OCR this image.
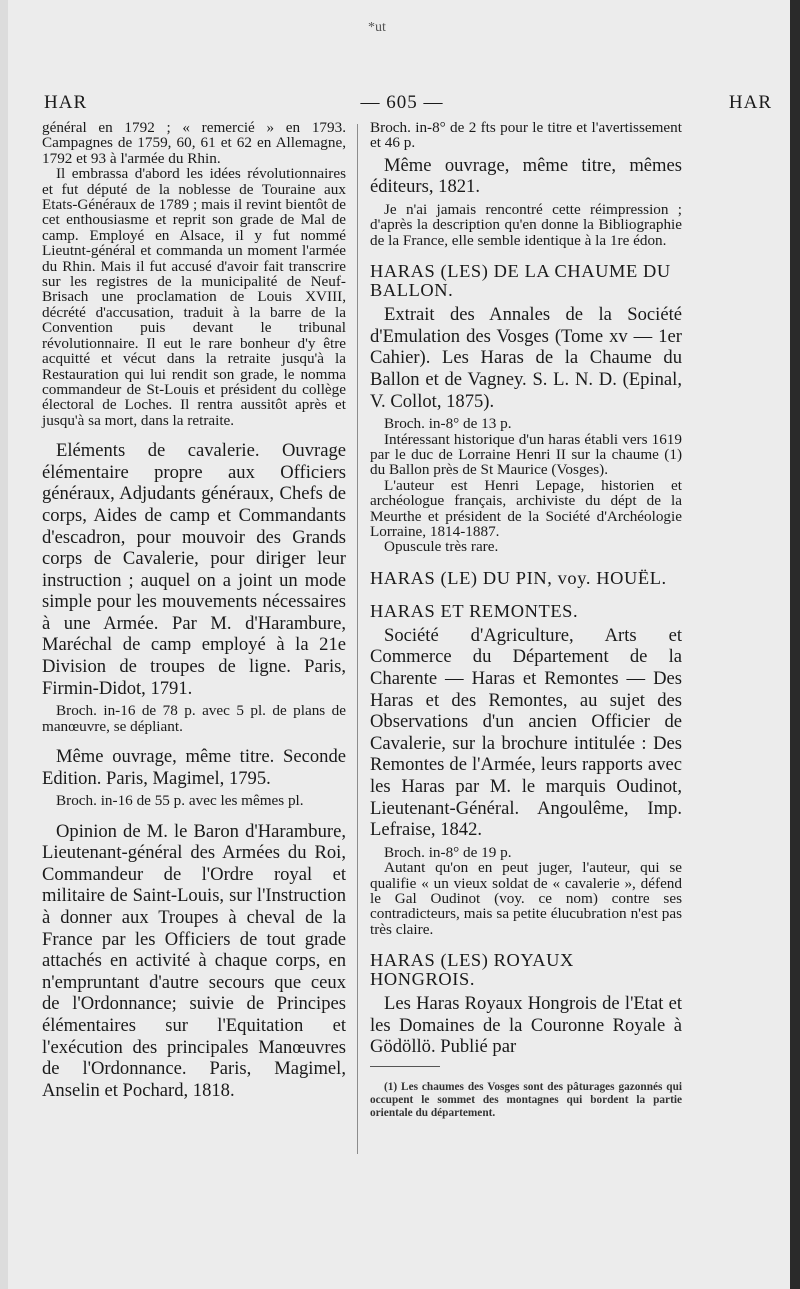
*ut
HAR	— 605 —	HAR

général en 1792 ; « remercié » en 1793. Campagnes de 1759, 60, 61 et 62 en Allemagne, 1792 et 93 à l'armée du Rhin.

Il embrassa d'abord les idées révolutionnaires et fut député de la noblesse de Touraine aux Etats-Généraux de 1789 ; mais il revint bientôt de cet enthousiasme et reprit son grade de Mal de camp. Employé en Alsace, il y fut nommé Lieutnt-général et commanda un moment l'armée du Rhin. Mais il fut accusé d'avoir fait transcrire sur les registres de la municipalité de Neuf-Brisach une proclamation de Louis XVIII, décrété d'accusation, traduit à la barre de la Convention puis devant le tribunal révolutionnaire. Il eut le rare bonheur d'y être acquitté et vécut dans la retraite jusqu'à la Restauration qui lui rendit son grade, le nomma commandeur de St-Louis et président du collège électoral de Loches. Il rentra aussitôt après et jusqu'à sa mort, dans la retraite.

Eléments de cavalerie. Ouvrage élémentaire propre aux Officiers généraux, Adjudants généraux, Chefs de corps, Aides de camp et Commandants d'escadron, pour mouvoir des Grands corps de Cavalerie, pour diriger leur instruction ; auquel on a joint un mode simple pour les mouvements nécessaires à une Armée. Par M. d'Harambure, Maréchal de camp employé à la 21e Division de troupes de ligne. Paris, Firmin-Didot, 1791.

Broch. in-16 de 78 p. avec 5 pl. de plans de manœuvre, se dépliant.

Même ouvrage, même titre. Seconde Edition. Paris, Magimel, 1795.

Broch. in-16 de 55 p. avec les mêmes pl.

Opinion de M. le Baron d'Harambure, Lieutenant-général des Armées du Roi, Commandeur de l'Ordre royal et militaire de Saint-Louis, sur l'Instruction à donner aux Troupes à cheval de la France par les Officiers de tout grade attachés en activité à chaque corps, en n'empruntant d'autre secours que ceux de l'Ordonnance; suivie de Principes élémentaires sur l'Equitation et l'exécution des principales Manœuvres de l'Ordonnance. Paris, Magimel, Anselin et Pochard, 1818.

Broch. in-8° de 2 fts pour le titre et l'avertissement et 46 p.

Même ouvrage, même titre, mêmes éditeurs, 1821.

Je n'ai jamais rencontré cette réimpression ; d'après la description qu'en donne la Bibliographie de la France, elle semble identique à la 1re édon.

HARAS (LES) DE LA CHAUME DU BALLON.

Extrait des Annales de la Société d'Emulation des Vosges (Tome xv — 1er Cahier). Les Haras de la Chaume du Ballon et de Vagney. S. L. N. D. (Epinal, V. Collot, 1875).

Broch. in-8° de 13 p.

Intéressant historique d'un haras établi vers 1619 par le duc de Lorraine Henri II sur la chaume (1) du Ballon près de St Maurice (Vosges).

L'auteur est Henri Lepage, historien et archéologue français, archiviste du dépt de la Meurthe et président de la Société d'Archéologie Lorraine, 1814-1887.

Opuscule très rare.

HARAS (LE) DU PIN, voy. HOUËL.

HARAS ET REMONTES.

Société d'Agriculture, Arts et Commerce du Département de la Charente — Haras et Remontes — Des Haras et des Remontes, au sujet des Observations d'un ancien Officier de Cavalerie, sur la brochure intitulée : Des Remontes de l'Armée, leurs rapports avec les Haras par M. le marquis Oudinot, Lieutenant-Général. Angoulême, Imp. Lefraise, 1842.

Broch. in-8° de 19 p.

Autant qu'on en peut juger, l'auteur, qui se qualifie « un vieux soldat de « cavalerie », défend le Gal Oudinot (voy. ce nom) contre ses contradicteurs, mais sa petite élucubration n'est pas très claire.

HARAS (LES) ROYAUX HONGROIS.

Les Haras Royaux Hongrois de l'Etat et les Domaines de la Couronne Royale à Gödöllö. Publié par

(1) Les chaumes des Vosges sont des pâturages gazonnés qui occupent le sommet des montagnes qui bordent la partie orientale du département.
